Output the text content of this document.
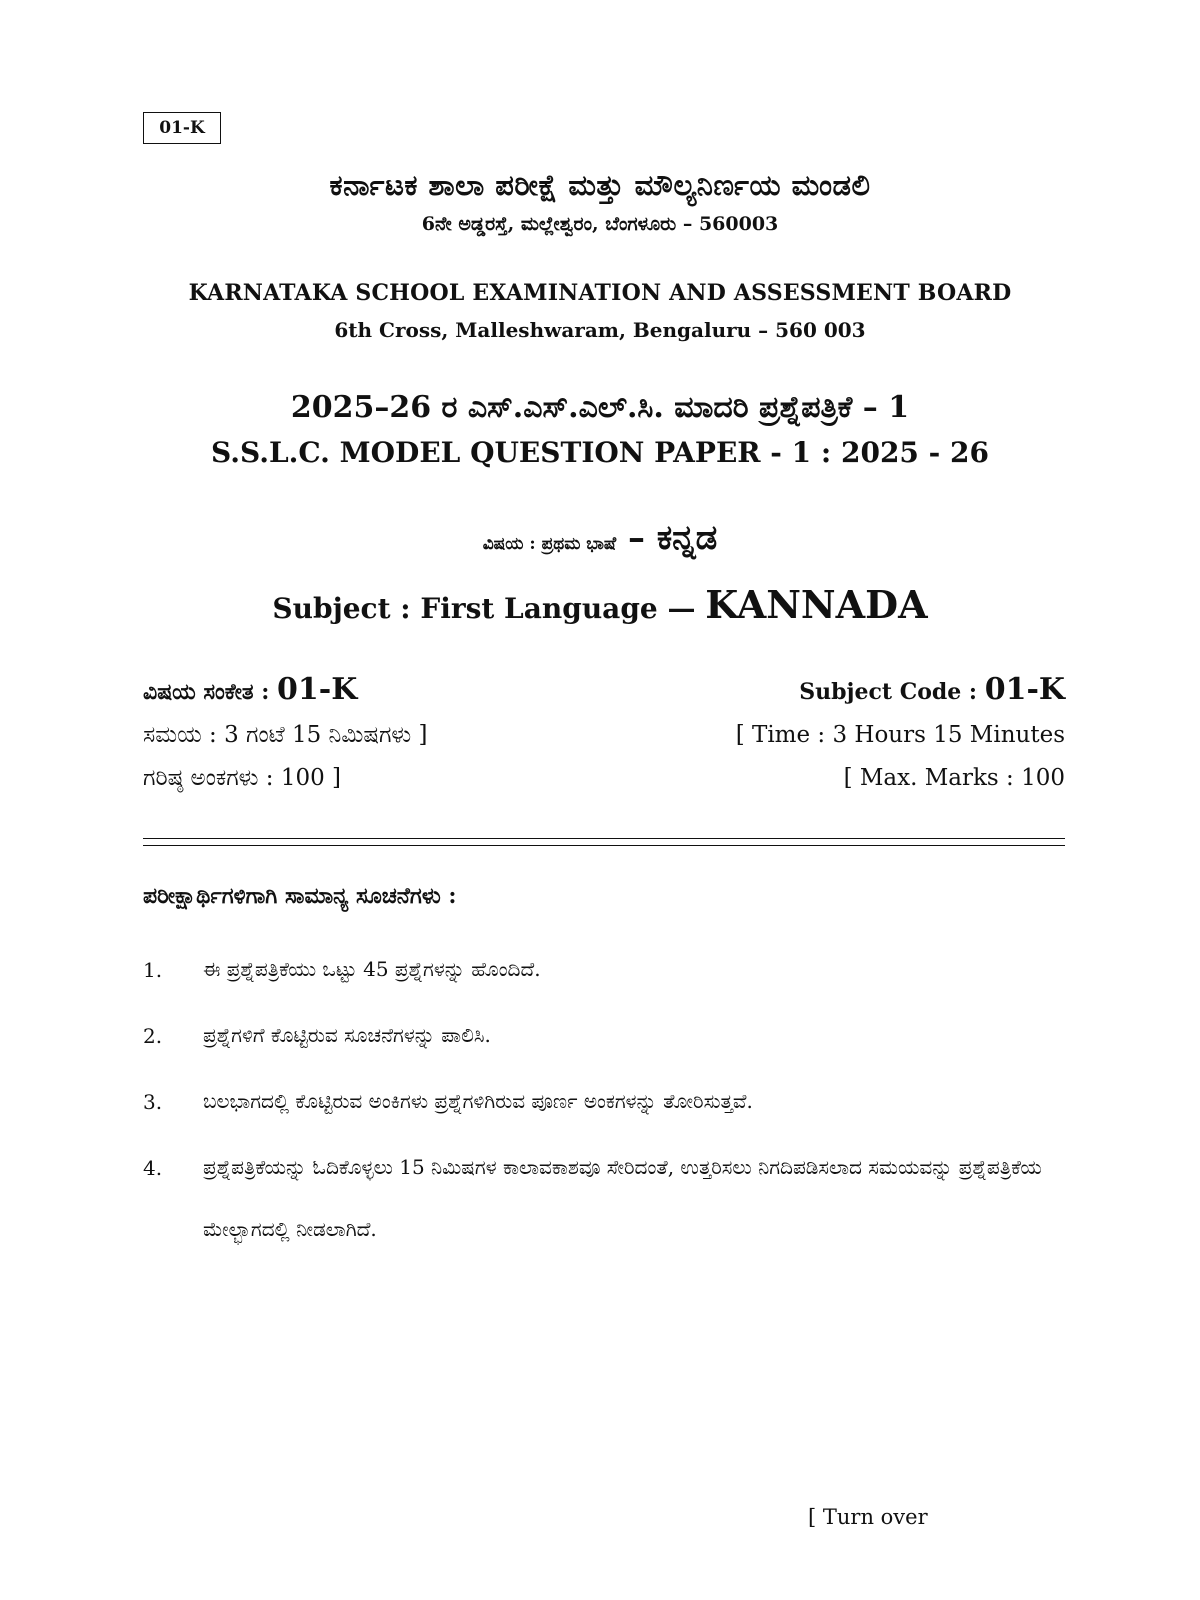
01-K
ಕರ್ನಾಟಕ ಶಾಲಾ ಪರೀಕ್ಷೆ ಮತ್ತು ಮೌಲ್ಯನಿರ್ಣಯ ಮಂಡಲಿ
6ನೇ ಅಡ್ಡರಸ್ತೆ, ಮಲ್ಲೇಶ್ವರಂ, ಬೆಂಗಳೂರು – 560003
KARNATAKA SCHOOL EXAMINATION AND ASSESSMENT BOARD
6th Cross, Malleshwaram, Bengaluru – 560 003
2025–26 ರ ಎಸ್.ಎಸ್.ಎಲ್.ಸಿ. ಮಾದರಿ ಪ್ರಶ್ನೆಪತ್ರಿಕೆ – 1
S.S.L.C. MODEL QUESTION PAPER - 1 : 2025 - 26
ವಿಷಯ : ಪ್ರಥಮ ಭಾಷೆ – ಕನ್ನಡ
Subject : First Language — KANNADA
ವಿಷಯ ಸಂಕೇತ : 01-K	Subject Code : 01-K
ಸಮಯ : 3 ಗಂಟೆ 15 ನಿಮಿಷಗಳು ]	[ Time : 3 Hours 15 Minutes
ಗರಿಷ್ಠ ಅಂಕಗಳು : 100 ]	[ Max. Marks : 100
ಪರೀಕ್ಷಾರ್ಥಿಗಳಿಗಾಗಿ ಸಾಮಾನ್ಯ ಸೂಚನೆಗಳು :
1. ಈ ಪ್ರಶ್ನೆಪತ್ರಿಕೆಯು ಒಟ್ಟು 45 ಪ್ರಶ್ನೆಗಳನ್ನು ಹೊಂದಿದೆ.
2. ಪ್ರಶ್ನೆಗಳಿಗೆ ಕೊಟ್ಟಿರುವ ಸೂಚನೆಗಳನ್ನು ಪಾಲಿಸಿ.
3. ಬಲಭಾಗದಲ್ಲಿ ಕೊಟ್ಟಿರುವ ಅಂಕಿಗಳು ಪ್ರಶ್ನೆಗಳಿಗಿರುವ ಪೂರ್ಣ ಅಂಕಗಳನ್ನು ತೋರಿಸುತ್ತವೆ.
4. ಪ್ರಶ್ನೆಪತ್ರಿಕೆಯನ್ನು ಓದಿಕೊಳ್ಳಲು 15 ನಿಮಿಷಗಳ ಕಾಲಾವಕಾಶವೂ ಸೇರಿದಂತೆ, ಉತ್ತರಿಸಲು ನಿಗದಿಪಡಿಸಲಾದ ಸಮಯವನ್ನು ಪ್ರಶ್ನೆಪತ್ರಿಕೆಯ ಮೇಲ್ಭಾಗದಲ್ಲಿ ನೀಡಲಾಗಿದೆ.
[ Turn over
